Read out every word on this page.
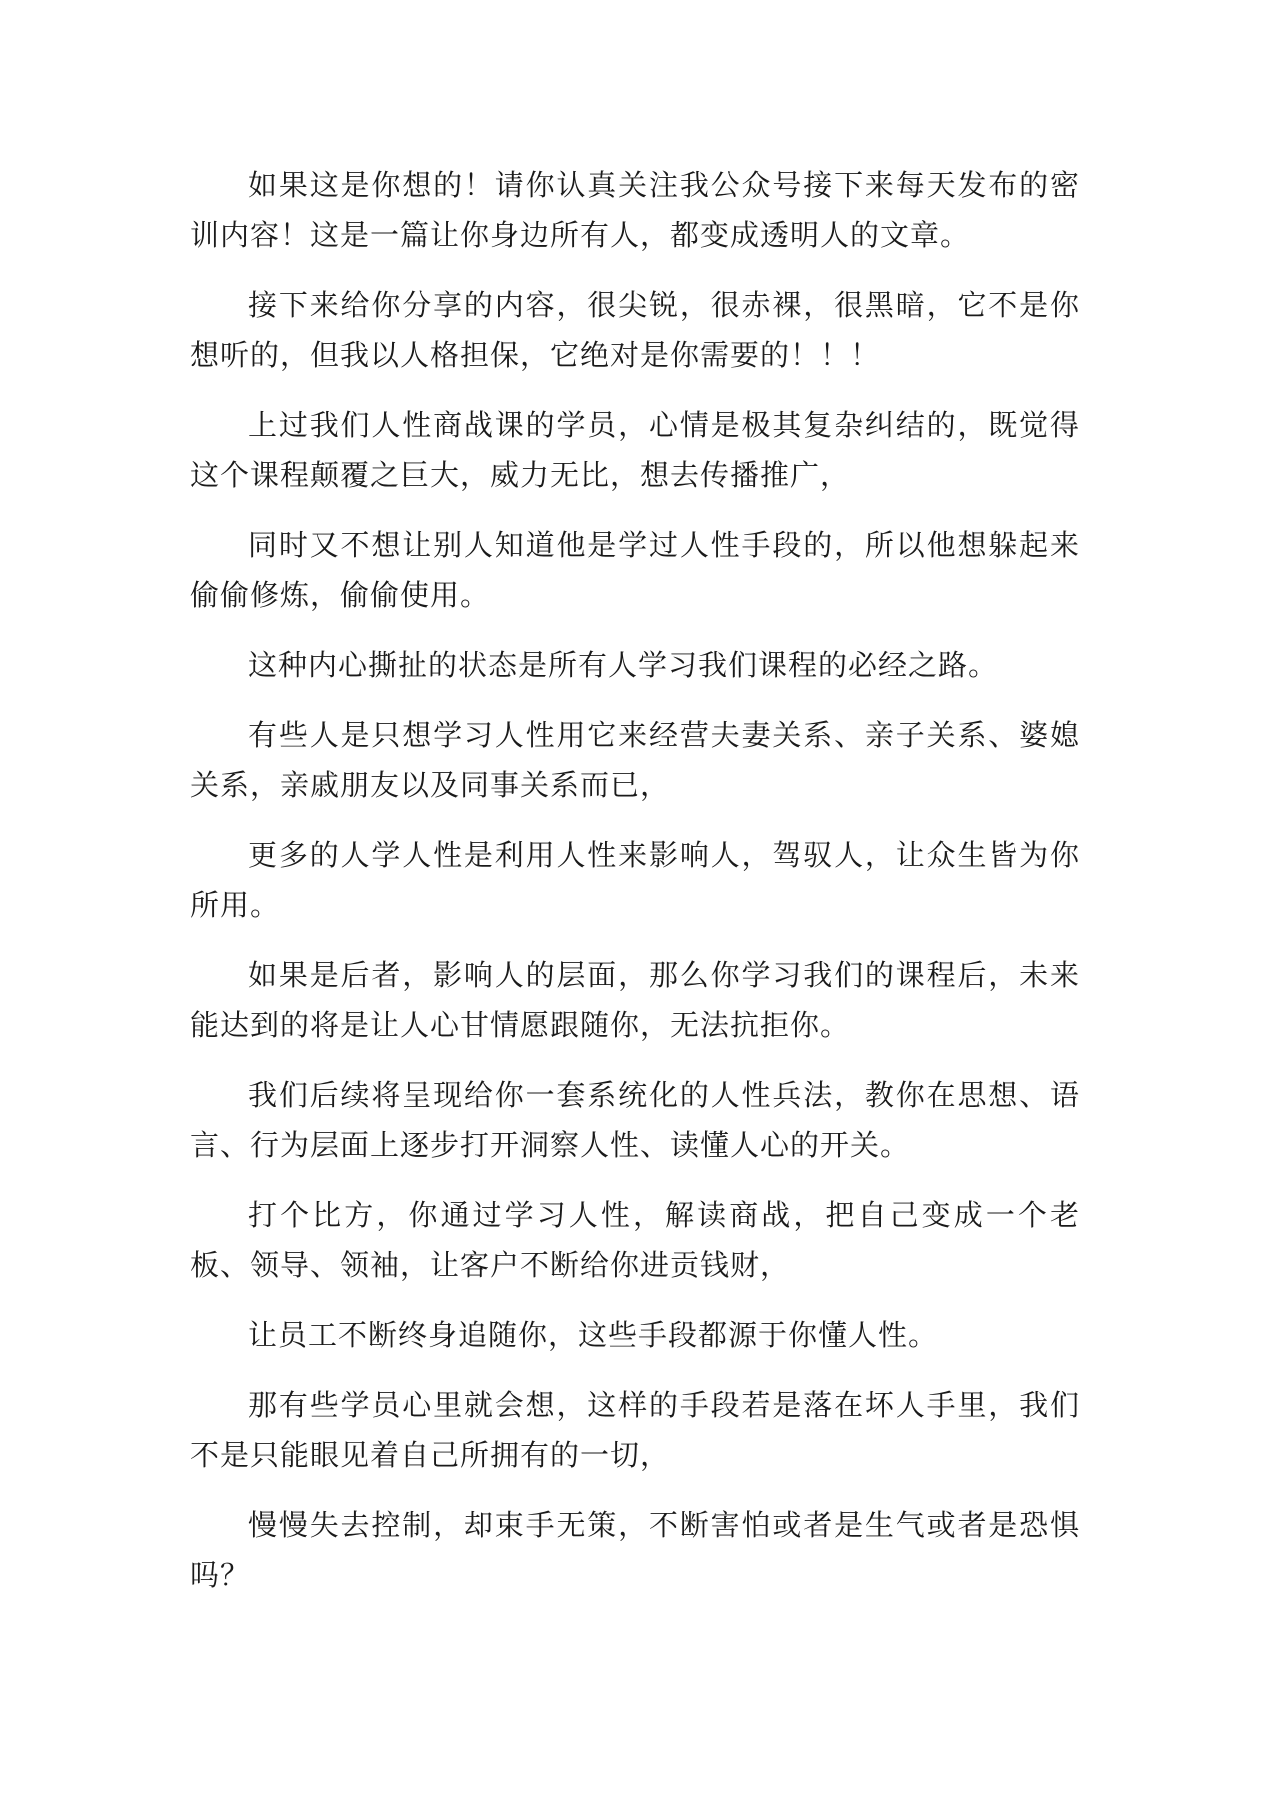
如果这是你想的！请你认真关注我公众号接下来每天发布的密训内容！这是一篇让你身边所有人，都变成透明人的文章。

接下来给你分享的内容，很尖锐，很赤裸，很黑暗，它不是你想听的，但我以人格担保，它绝对是你需要的！！！

上过我们人性商战课的学员，心情是极其复杂纠结的，既觉得这个课程颠覆之巨大，威力无比，想去传播推广，

同时又不想让别人知道他是学过人性手段的，所以他想躲起来偷偷修炼，偷偷使用。

这种内心撕扯的状态是所有人学习我们课程的必经之路。

有些人是只想学习人性用它来经营夫妻关系、亲子关系、婆媳关系，亲戚朋友以及同事关系而已，

更多的人学人性是利用人性来影响人，驾驭人，让众生皆为你所用。

如果是后者，影响人的层面，那么你学习我们的课程后，未来能达到的将是让人心甘情愿跟随你，无法抗拒你。

我们后续将呈现给你一套系统化的人性兵法，教你在思想、语言、行为层面上逐步打开洞察人性、读懂人心的开关。

打个比方，你通过学习人性，解读商战，把自己变成一个老板、领导、领袖，让客户不断给你进贡钱财，

让员工不断终身追随你，这些手段都源于你懂人性。

那有些学员心里就会想，这样的手段若是落在坏人手里，我们不是只能眼见着自己所拥有的一切，

慢慢失去控制，却束手无策，不断害怕或者是生气或者是恐惧吗？
